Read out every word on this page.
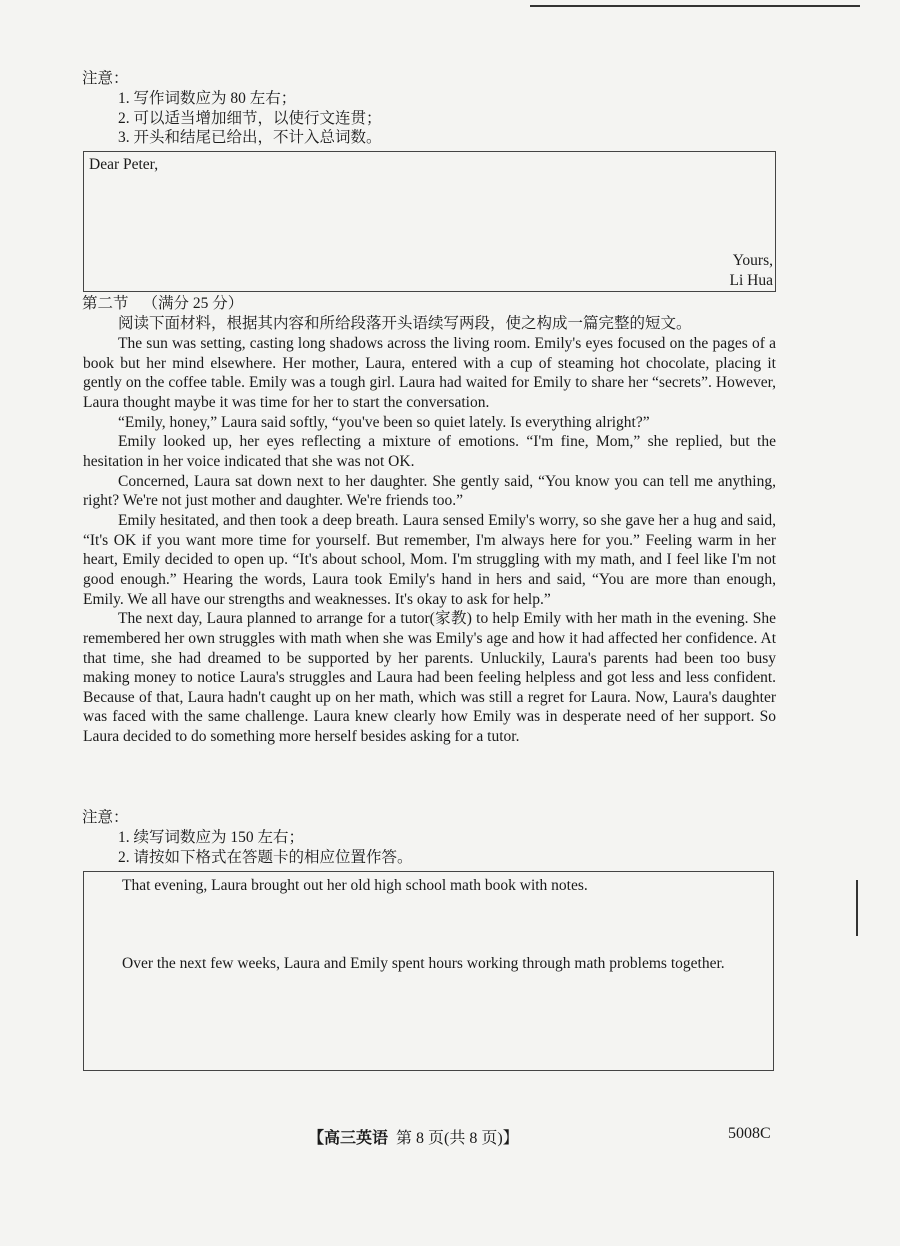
注意：
1. 写作词数应为 80 左右；
2. 可以适当增加细节，以使行文连贯；
3. 开头和结尾已给出，不计入总词数。
Dear Peter,
Yours,
Li Hua
第二节 （满分 25 分）
阅读下面材料，根据其内容和所给段落开头语续写两段，使之构成一篇完整的短文。

The sun was setting, casting long shadows across the living room. Emily's eyes focused on the pages of a book but her mind elsewhere. Her mother, Laura, entered with a cup of steaming hot chocolate, placing it gently on the coffee table. Emily was a tough girl. Laura had waited for Emily to share her “secrets”. However, Laura thought maybe it was time for her to start the conversation.

“Emily, honey,” Laura said softly, “you've been so quiet lately. Is everything alright?”

Emily looked up, her eyes reflecting a mixture of emotions. “I'm fine, Mom,” she replied, but the hesitation in her voice indicated that she was not OK.

Concerned, Laura sat down next to her daughter. She gently said, “You know you can tell me anything, right? We're not just mother and daughter. We're friends too.”

Emily hesitated, and then took a deep breath. Laura sensed Emily's worry, so she gave her a hug and said, “It's OK if you want more time for yourself. But remember, I'm always here for you.” Feeling warm in her heart, Emily decided to open up. “It's about school, Mom. I'm struggling with my math, and I feel like I'm not good enough.” Hearing the words, Laura took Emily's hand in hers and said, “You are more than enough, Emily. We all have our strengths and weaknesses. It's okay to ask for help.”

The next day, Laura planned to arrange for a tutor(家教) to help Emily with her math in the evening. She remembered her own struggles with math when she was Emily's age and how it had affected her confidence. At that time, she had dreamed to be supported by her parents. Unluckily, Laura's parents had been too busy making money to notice Laura's struggles and Laura had been feeling helpless and got less and less confident. Because of that, Laura hadn't caught up on her math, which was still a regret for Laura. Now, Laura's daughter was faced with the same challenge. Laura knew clearly how Emily was in desperate need of her support. So Laura decided to do something more herself besides asking for a tutor.

注意：
1. 续写词数应为 150 左右；
2. 请按如下格式在答题卡的相应位置作答。

That evening, Laura brought out her old high school math book with notes.

Over the next few weeks, Laura and Emily spent hours working through math problems together.

【高三英语 第 8 页(共 8 页)】	5008C
